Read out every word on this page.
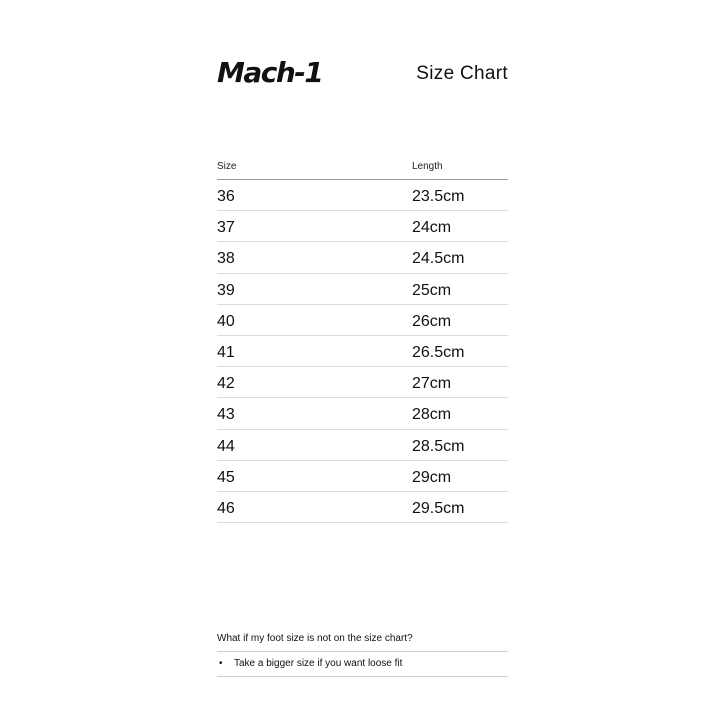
Mach-1	Size Chart
Size	Length
36	23.5cm
37	24cm
38	24.5cm
39	25cm
40	26cm
41	26.5cm
42	27cm
43	28cm
44	28.5cm
45	29cm
46	29.5cm
What if my foot size is not on the size chart?
• Take a bigger size if you want loose fit
